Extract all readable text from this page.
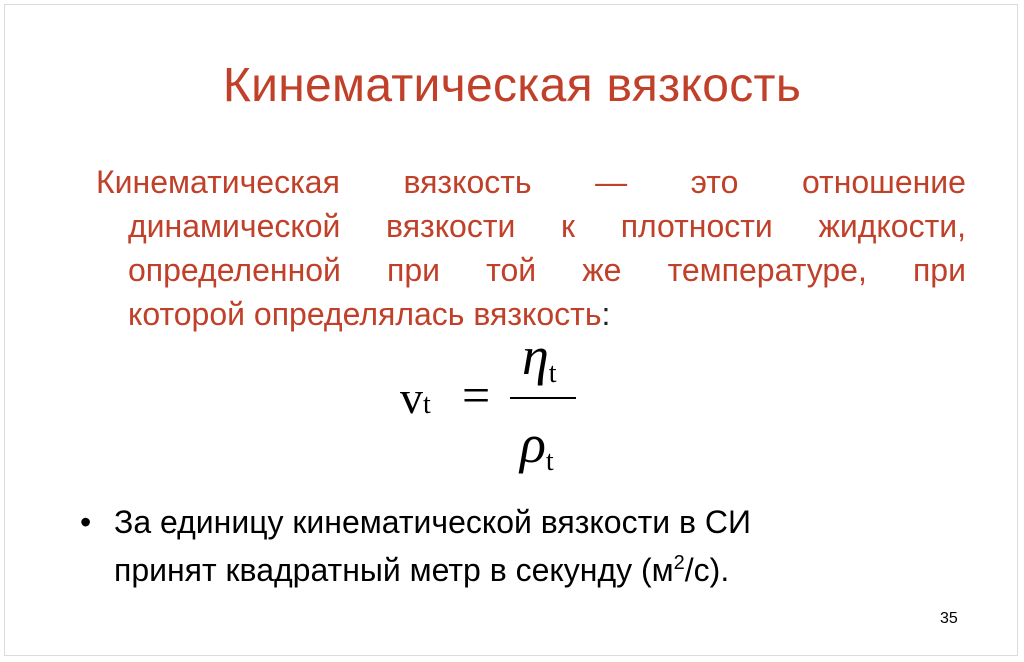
Кинематическая вязкость
Кинематическая вязкость — это отношение
динамической вязкости к плотности жидкости,
определенной при той же температуре, при
которой определялась вязкость:
vt =
$\eta_t$
$\rho_t$
• За единицу кинематической вязкости в СИ
принят квадратный метр в секунду $(м^2/с)$.
35
